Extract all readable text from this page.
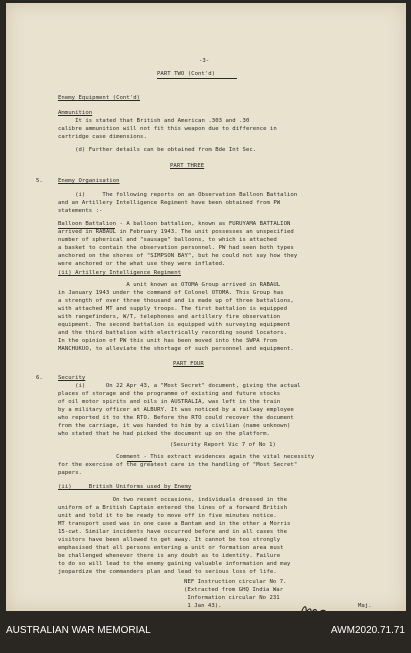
-3-
PART TWO (Cont'd)
Enemy Equipment (Cont'd)
Ammunition
It is stated that British and American .303 and .30
calibre ammunition will not fit this weapon due to difference in
cartridge case dimensions.
(d) Further details can be obtained from Bde Int Sec.
PART THREE
5.	Enemy Organisation
(i)     The following reports on an Observation Balloon Battalion
and an Artillery Intelligence Regiment have been obtained from PW
statements :-
Balloon Battalion - A balloon battalion, known as FURUYAMA BATTALION
arrived in RABAUL in February 1943. The unit possesses an unspecified
number of spherical and "sausage" balloons, to which is attached
a basket to contain the observation personnel. PW had seen both types
anchored on the shores of "SIMPSON BAY", but he could not say how they
were anchored or the what use they were inflated.
(ii) Artillery Intelligence Regiment
A unit known as OTOMA Group arrived in RABAUL
in January 1943 under the command of Colonel OTOMA. This Group has
a strength of over three thousand and is made up of three battalions,
with attached MT and supply troops. The first battalion is equipped
with rangefinders, W/T, telephones and artillery fire observation
equipment. The second battalion is equipped with surveying equipment
and the third battalion with electrically recording sound locators.
In the opinion of PW this unit has been moved into the SWPA from
MANCHUKUO, to alleviate the shortage of such personnel and equipment.
PART FOUR
6.	Security
(i)      On 22 Apr 43, a "Most Secret" document, giving the actual
places of storage and the programme of existing and future stocks
of oil motor spirits and oils in AUSTRALIA, was left in the train
by a military officer at ALBURY. It was noticed by a railway employee
who reported it to the RTO. Before the RTO could recover the document
from the carriage, it was handed to him by a civilian (name unknown)
who stated that he had picked the document up on the platform.
(Security Report Vic 7 of No 1)
Comment - This extract evidences again the vital necessity
for the exercise of the greatest care in the handling of "Most Secret"
papers.
(ii)     British Uniforms used by Enemy
On two recent occasions, individuals dressed in the
uniform of a British Captain entered the lines of a forward British
unit and told it to be ready to move off in five minutes notice.
MT transport used was in one case a Bantam and in the other a Morris
15-cwt. Similar incidents have occurred before and in all cases the
visitors have been allowed to get away. It cannot be too strongly
emphasised that all persons entering a unit or formation area must
be challenged whenever there is any doubt as to identity. Failure
to do so will lead to the enemy gaining valuable information and may
jeopardize the commanders plan and lead to serious loss of life.
NEF Instruction circular No 7.
(Extracted from GHQ India War
Information circular No 231
1 Jan 43).	Maj.
B M 4 Aust Inf Bde.
AUSTRALIAN WAR MEMORIAL	AWM2020.71.71
